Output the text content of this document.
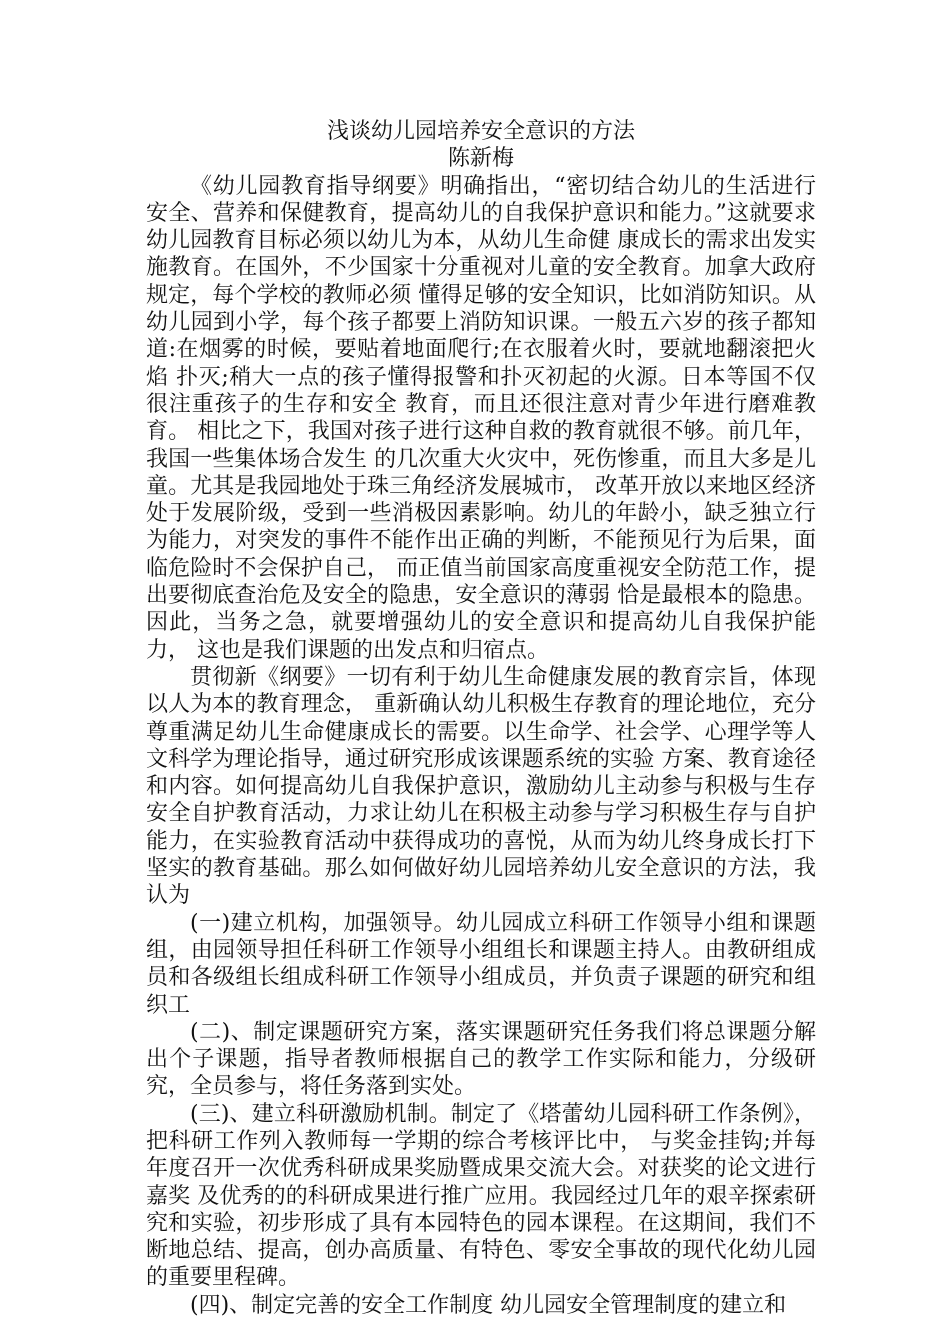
浅谈幼儿园培养安全意识的方法
陈新梅

《幼儿园教育指导纲要》明确指出，“密切结合幼儿的生活进行安全、营养和保健教育，提高幼儿的自我保护意识和能力。”这就要求幼儿园教育目标必须以幼儿为本，从幼儿生命健 康成长的需求出发实施教育。在国外，不少国家十分重视对儿童的安全教育。加拿大政府规定，每个学校的教师必须 懂得足够的安全知识，比如消防知识。从幼儿园到小学，每个孩子都要上消防知识课。一般五六岁的孩子都知道:在烟雾的时候，要贴着地面爬行;在衣服着火时，要就地翻滚把火焰 扑灭;稍大一点的孩子懂得报警和扑灭初起的火源。日本等国不仅很注重孩子的生存和安全 教育，而且还很注意对青少年进行磨难教育。 相比之下，我国对孩子进行这种自救的教育就很不够。前几年，我国一些集体场合发生 的几次重大火灾中，死伤惨重，而且大多是儿童。尤其是我园地处于珠三角经济发展城市， 改革开放以来地区经济处于发展阶级，受到一些消极因素影响。幼儿的年龄小，缺乏独立行 为能力，对突发的事件不能作出正确的判断，不能预见行为后果，面临危险时不会保护自己， 而正值当前国家高度重视安全防范工作，提出要彻底查治危及安全的隐患，安全意识的薄弱 恰是最根本的隐患。因此，当务之急，就要增强幼儿的安全意识和提高幼儿自我保护能力， 这也是我们课题的出发点和归宿点。

贯彻新《纲要》一切有利于幼儿生命健康发展的教育宗旨，体现以人为本的教育理念， 重新确认幼儿积极生存教育的理论地位，充分尊重满足幼儿生命健康成长的需要。以生命学、社会学、心理学等人文科学为理论指导，通过研究形成该课题系统的实验 方案、教育途径和内容。如何提高幼儿自我保护意识，激励幼儿主动参与积极与生存安全自护教育活动，力求让幼儿在积极主动参与学习积极生存与自护能力，在实验教育活动中获得成功的喜悦，从而为幼儿终身成长打下坚实的教育基础。那么如何做好幼儿园培养幼儿安全意识的方法，我认为

(一)建立机构，加强领导。幼儿园成立科研工作领导小组和课题组，由园领导担任科研工作领导小组组长和课题主持人。由教研组成员和各级组长组成科研工作领导小组成员，并负责子课题的研究和组织工

(二)、制定课题研究方案，落实课题研究任务我们将总课题分解出个子课题，指导者教师根据自己的教学工作实际和能力，分级研究，全员参与，将任务落到实处。

(三)、建立科研激励机制。制定了《塔蕾幼儿园科研工作条例》，把科研工作列入教师每一学期的综合考核评比中， 与奖金挂钩;并每年度召开一次优秀科研成果奖励暨成果交流大会。对获奖的论文进行嘉奖 及优秀的的科研成果进行推广应用。我园经过几年的艰辛探索研究和实验，初步形成了具有本园特色的园本课程。在这期间，我们不断地总结、提高，创办高质量、有特色、零安全事故的现代化幼儿园的重要里程碑。

(四)、制定完善的安全工作制度 幼儿园安全管理制度的建立和
